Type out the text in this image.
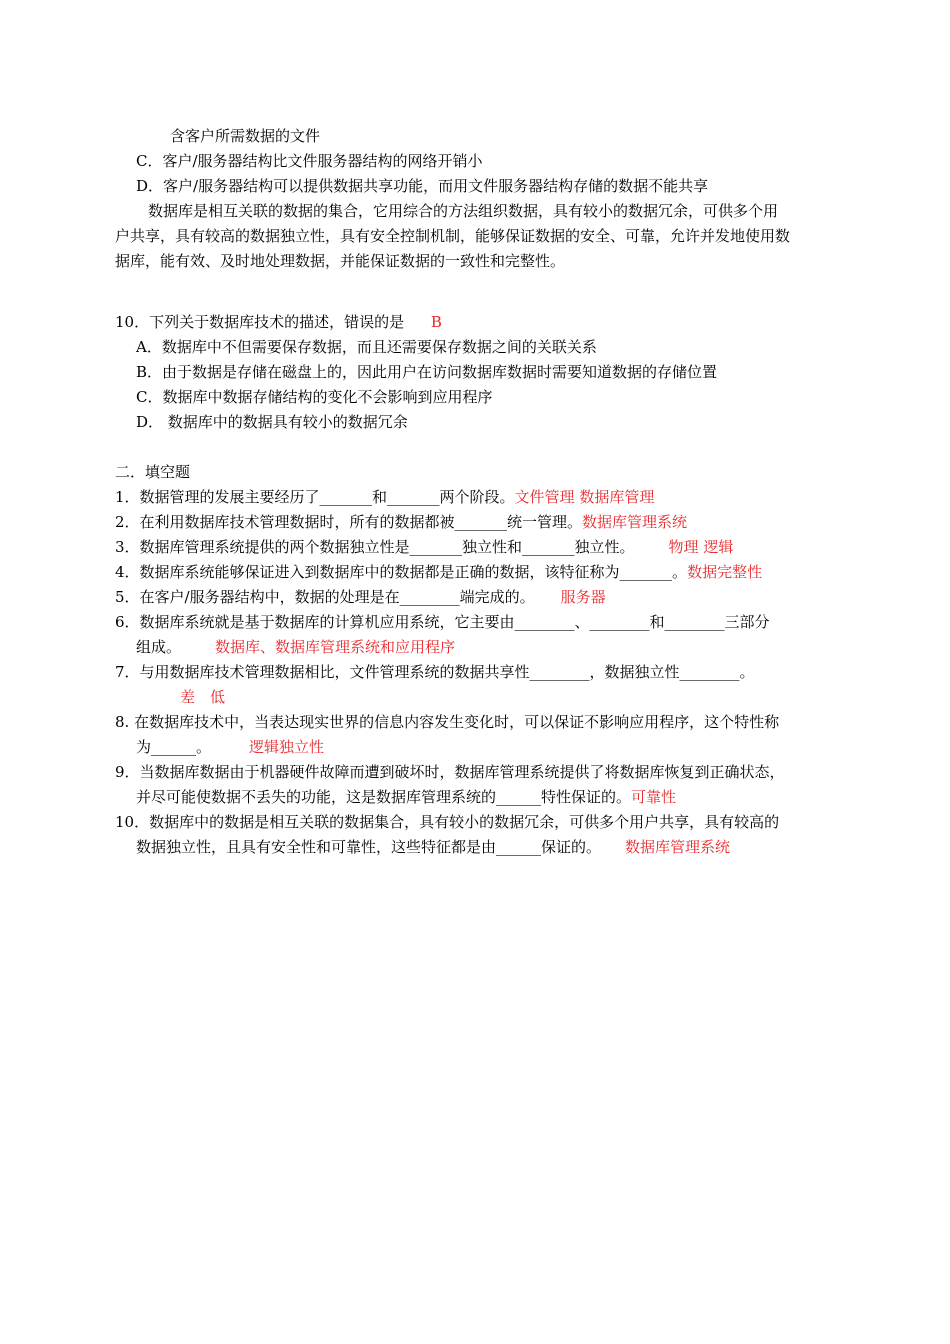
含客户所需数据的文件
C．客户/服务器结构比文件服务器结构的网络开销小
D．客户/服务器结构可以提供数据共享功能，而用文件服务器结构存储的数据不能共享
数据库是相互关联的数据的集合，它用综合的方法组织数据，具有较小的数据冗余，可供多个用
户共享，具有较高的数据独立性，具有安全控制机制，能够保证数据的安全、可靠，允许并发地使用数
据库，能有效、及时地处理数据，并能保证数据的一致性和完整性。
10．下列关于数据库技术的描述，错误的是 B
A．数据库中不但需要保存数据，而且还需要保存数据之间的关联关系
B．由于数据是存储在磁盘上的，因此用户在访问数据库数据时需要知道数据的存储位置
C．数据库中数据存储结构的变化不会影响到应用程序
D． 数据库中的数据具有较小的数据冗余
二．填空题
1．数据管理的发展主要经历了_______和_______两个阶段。文件管理 数据库管理
2．在利用数据库技术管理数据时，所有的数据都被_______统一管理。数据库管理系统
3．数据库管理系统提供的两个数据独立性是_______独立性和_______独立性。 物理 逻辑
4．数据库系统能够保证进入到数据库中的数据都是正确的数据，该特征称为_______。数据完整性
5．在客户/服务器结构中，数据的处理是在________端完成的。 服务器
6．数据库系统就是基于数据库的计算机应用系统，它主要由________、________和________三部分
组成。 数据库、数据库管理系统和应用程序
7．与用数据库技术管理数据相比，文件管理系统的数据共享性________，数据独立性________。
差　低
8. 在数据库技术中，当表达现实世界的信息内容发生变化时，可以保证不影响应用程序，这个特性称
为______。	逻辑独立性
9．当数据库数据由于机器硬件故障而遭到破坏时，数据库管理系统提供了将数据库恢复到正确状态，
并尽可能使数据不丢失的功能，这是数据库管理系统的______特性保证的。可靠性
10．数据库中的数据是相互关联的数据集合，具有较小的数据冗余，可供多个用户共享，具有较高的
数据独立性，且具有安全性和可靠性，这些特征都是由______保证的。 数据库管理系统
